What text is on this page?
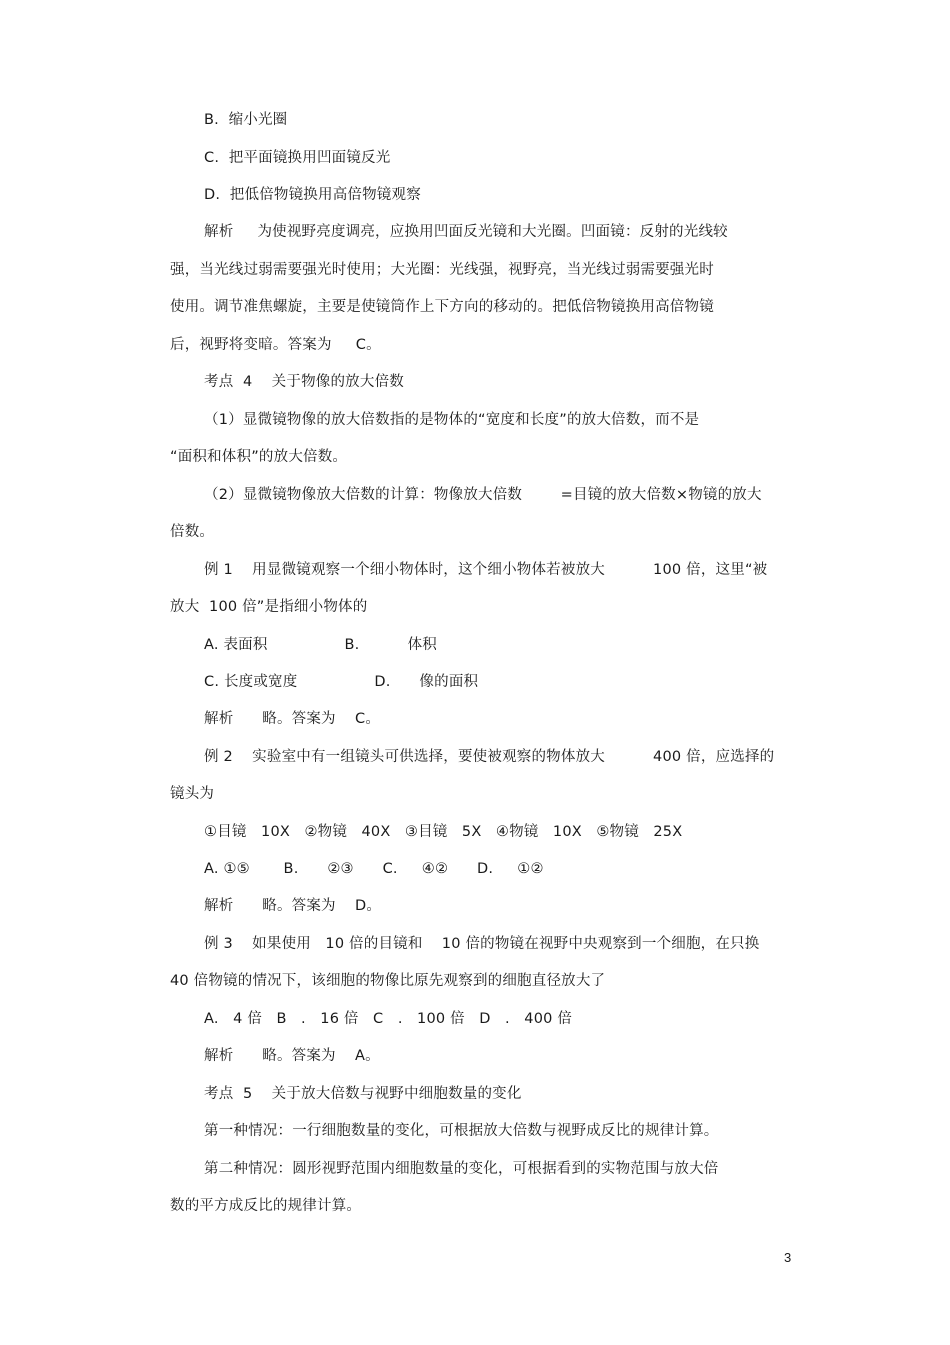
B.  缩小光圈
C.  把平面镜换用凹面镜反光
D.  把低倍物镜换用高倍物镜观察
解析     为使视野亮度调亮，应换用凹面反光镜和大光圈。凹面镜：反射的光线较
强，当光线过弱需要强光时使用；大光圈：光线强，视野亮，当光线过弱需要强光时
使用。调节准焦螺旋，主要是使镜筒作上下方向的移动的。把低倍物镜换用高倍物镜
后，视野将变暗。答案为     C。
考点  4    关于物像的放大倍数
（1）显微镜物像的放大倍数指的是物体的“宽度和长度”的放大倍数，而不是
“面积和体积”的放大倍数。
（2）显微镜物像放大倍数的计算：物像放大倍数        =目镜的放大倍数×物镜的放大
倍数。
例 1    用显微镜观察一个细小物体时，这个细小物体若被放大          100 倍，这里“被
放大  100 倍”是指细小物体的
A. 表面积                B.          体积
C. 长度或宽度                D.      像的面积
解析      略。答案为    C。
例 2    实验室中有一组镜头可供选择，要使被观察的物体放大          400 倍，应选择的
镜头为
①目镜   10X   ②物镜   40X   ③目镜   5X   ④物镜   10X   ⑤物镜   25X
A. ①⑤       B.      ②③      C.     ④②      D.     ①②
解析      略。答案为    D。
例 3    如果使用   10 倍的目镜和    10 倍的物镜在视野中央观察到一个细胞，在只换
40 倍物镜的情况下，该细胞的物像比原先观察到的细胞直径放大了
A.   4 倍   B   .   16 倍   C   .   100 倍   D   .   400 倍
解析      略。答案为    A。
考点  5    关于放大倍数与视野中细胞数量的变化
第一种情况：一行细胞数量的变化，可根据放大倍数与视野成反比的规律计算。
第二种情况：圆形视野范围内细胞数量的变化，可根据看到的实物范围与放大倍
数的平方成反比的规律计算。
3
